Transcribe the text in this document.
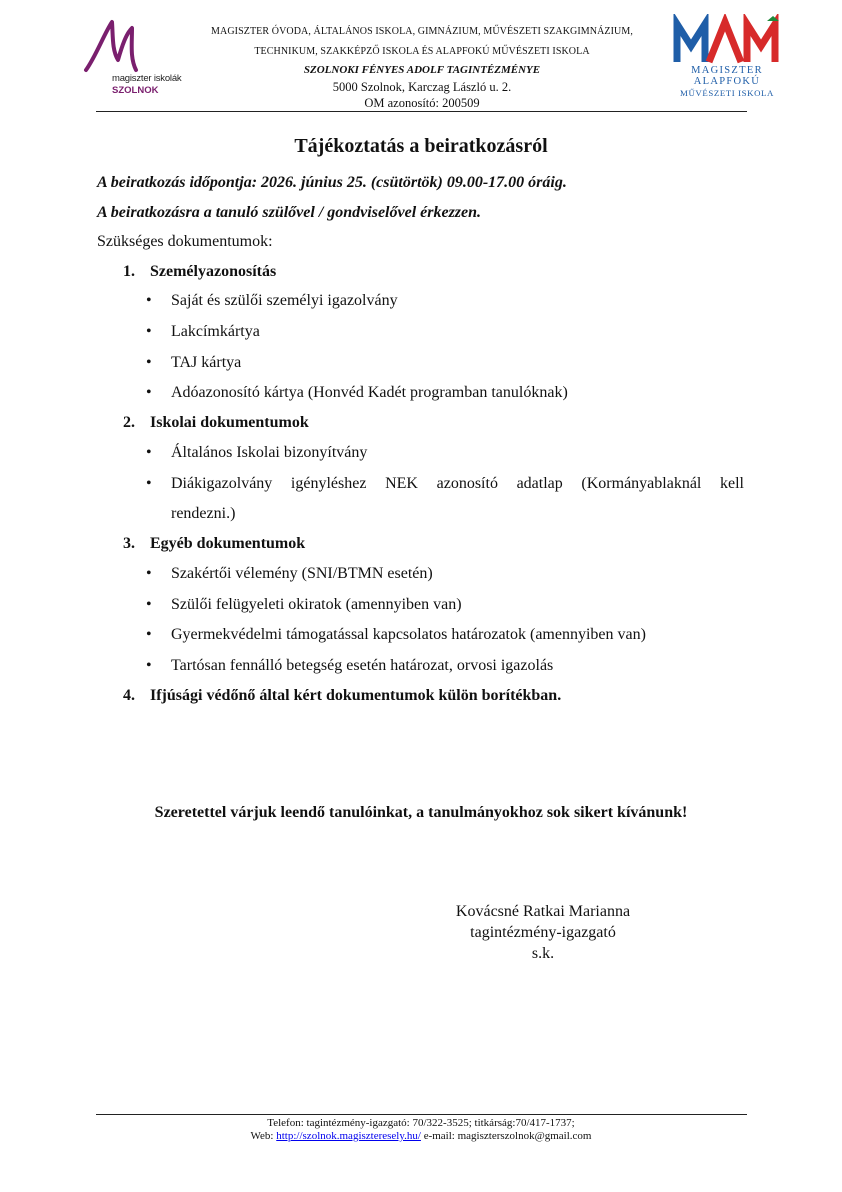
magiszter iskolák
SZOLNOK
MAGISZTER ÓVODA, ÁLTALÁNOS ISKOLA, GIMNÁZIUM, MŰVÉSZETI SZAKGIMNÁZIUM,
TECHNIKUM, SZAKKÉPZŐ ISKOLA ÉS ALAPFOKÚ MŰVÉSZETI ISKOLA
SZOLNOKI FÉNYES ADOLF TAGINTÉZMÉNYE
5000 Szolnok, Karczag László u. 2.
OM azonosító: 200509
MAGISZTER
ALAPFOKÚ
MŰVÉSZETI ISKOLA
Tájékoztatás a beiratkozásról
A beiratkozás időpontja: 2026. június 25. (csütörtök) 09.00-17.00 óráig.
A beiratkozásra a tanuló szülővel / gondviselővel érkezzen.
Szükséges dokumentumok:
1. Személyazonosítás
• Saját és szülői személyi igazolvány
• Lakcímkártya
• TAJ kártya
• Adóazonosító kártya (Honvéd Kadét programban tanulóknak)
2. Iskolai dokumentumok
• Általános Iskolai bizonyítvány
• Diákigazolvány igényléshez NEK azonosító adatlap (Kormányablaknál kell
rendezni.)
3. Egyéb dokumentumok
• Szakértői vélemény (SNI/BTMN esetén)
• Szülői felügyeleti okiratok (amennyiben van)
• Gyermekvédelmi támogatással kapcsolatos határozatok (amennyiben van)
• Tartósan fennálló betegség esetén határozat, orvosi igazolás
4. Ifjúsági védőnő által kért dokumentumok külön borítékban.
Szeretettel várjuk leendő tanulóinkat, a tanulmányokhoz sok sikert kívánunk!
Kovácsné Ratkai Marianna
tagintézmény-igazgató
s.k.
Telefon: tagintézmény-igazgató: 70/322-3525; titkárság:70/417-1737;
Web: http://szolnok.magiszteresely.hu/ e-mail: magiszterszolnok@gmail.com
